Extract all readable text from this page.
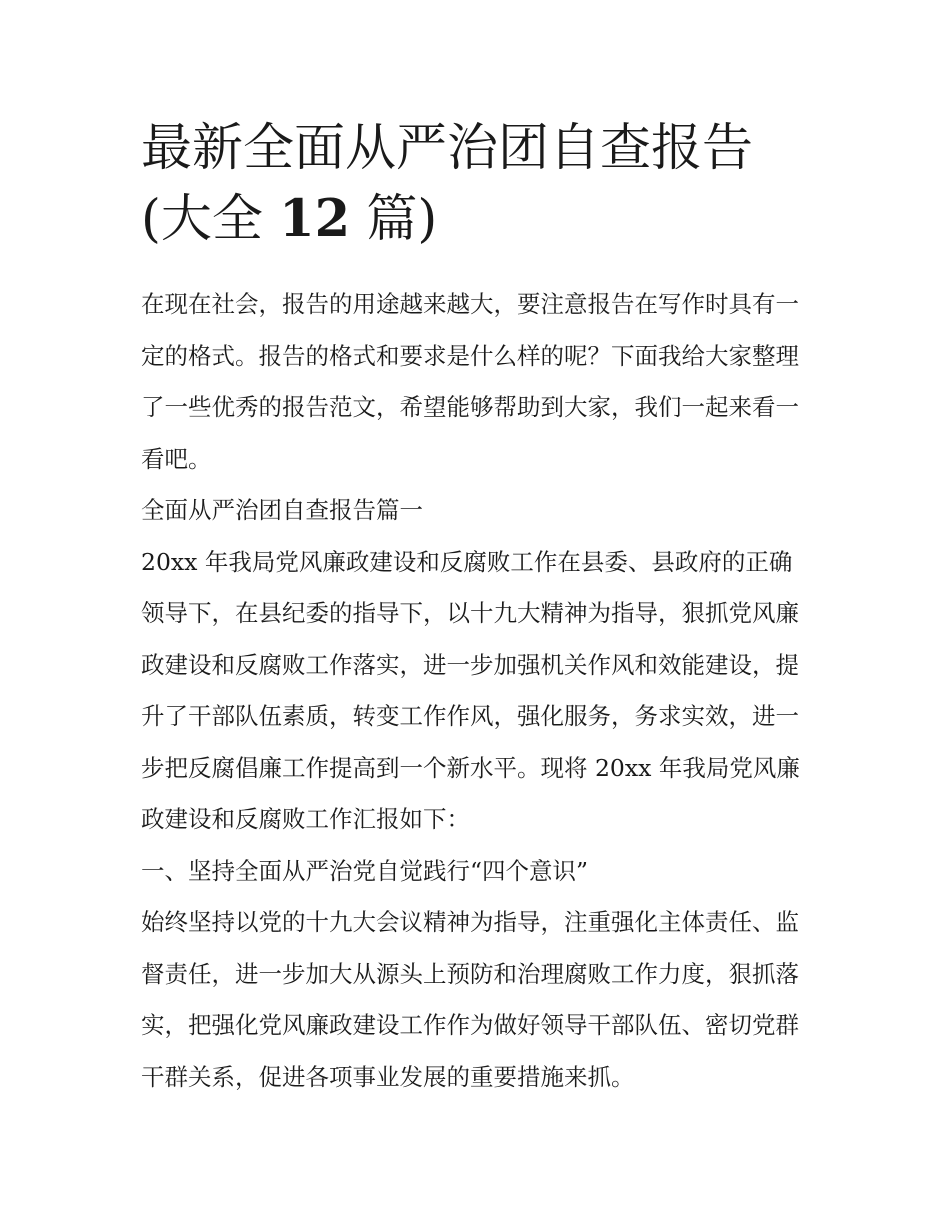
最新全面从严治团自查报告(大全 12 篇)

在现在社会，报告的用途越来越大，要注意报告在写作时具有一定的格式。报告的格式和要求是什么样的呢？下面我给大家整理了一些优秀的报告范文，希望能够帮助到大家，我们一起来看一看吧。

全面从严治团自查报告篇一

20xx 年我局党风廉政建设和反腐败工作在县委、县政府的正确领导下，在县纪委的指导下，以十九大精神为指导，狠抓党风廉政建设和反腐败工作落实，进一步加强机关作风和效能建设，提升了干部队伍素质，转变工作作风，强化服务，务求实效，进一步把反腐倡廉工作提高到一个新水平。现将 20xx 年我局党风廉政建设和反腐败工作汇报如下：

一、坚持全面从严治党自觉践行“四个意识”

始终坚持以党的十九大会议精神为指导，注重强化主体责任、监督责任，进一步加大从源头上预防和治理腐败工作力度，狠抓落实，把强化党风廉政建设工作作为做好领导干部队伍、密切党群干群关系，促进各项事业发展的重要措施来抓。
